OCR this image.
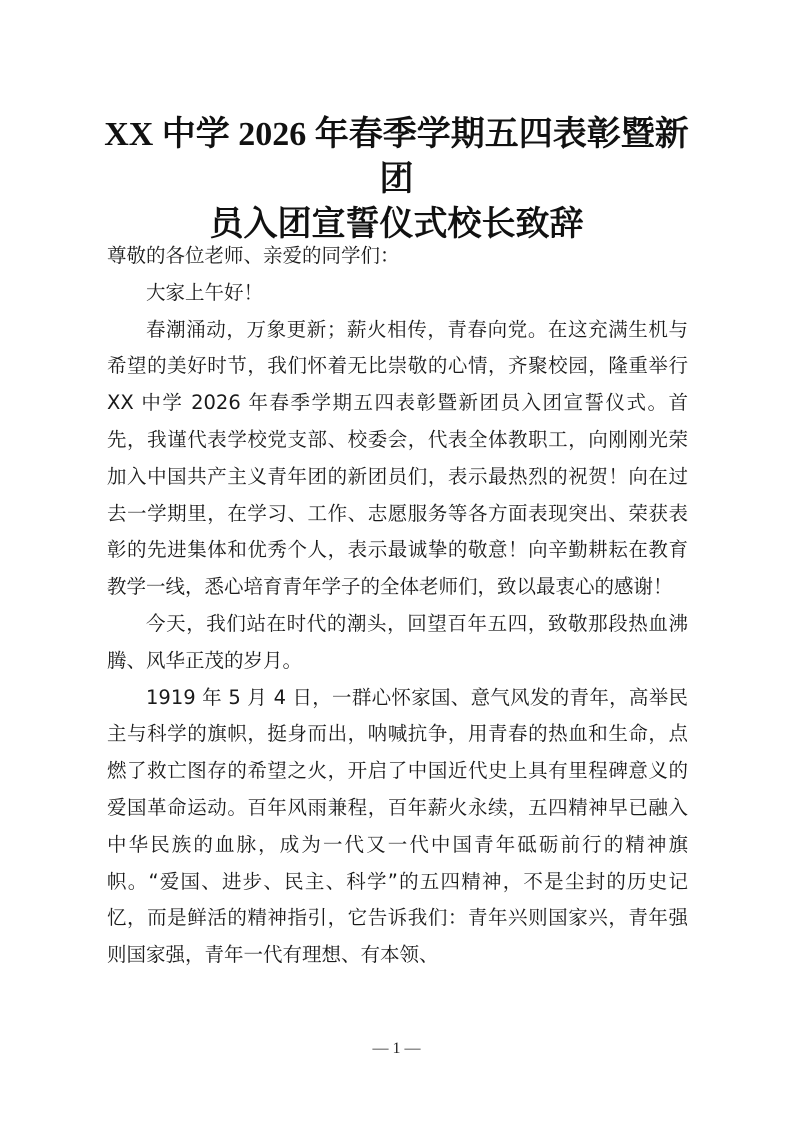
XX 中学 2026 年春季学期五四表彰暨新团
员入团宣誓仪式校长致辞

尊敬的各位老师、亲爱的同学们：

大家上午好！

春潮涌动，万象更新；薪火相传，青春向党。在这充满生机与希望的美好时节，我们怀着无比崇敬的心情，齐聚校园，隆重举行 XX 中学 2026 年春季学期五四表彰暨新团员入团宣誓仪式。首先，我谨代表学校党支部、校委会，代表全体教职工，向刚刚光荣加入中国共产主义青年团的新团员们，表示最热烈的祝贺！向在过去一学期里，在学习、工作、志愿服务等各方面表现突出、荣获表彰的先进集体和优秀个人，表示最诚挚的敬意！向辛勤耕耘在教育教学一线，悉心培育青年学子的全体老师们，致以最衷心的感谢！

今天，我们站在时代的潮头，回望百年五四，致敬那段热血沸腾、风华正茂的岁月。

1919 年 5 月 4 日，一群心怀家国、意气风发的青年，高举民主与科学的旗帜，挺身而出，呐喊抗争，用青春的热血和生命，点燃了救亡图存的希望之火，开启了中国近代史上具有里程碑意义的爱国革命运动。百年风雨兼程，百年薪火永续，五四精神早已融入中华民族的血脉，成为一代又一代中国青年砥砺前行的精神旗帜。“爱国、进步、民主、科学”的五四精神，不是尘封的历史记忆，而是鲜活的精神指引，它告诉我们：青年兴则国家兴，青年强则国家强，青年一代有理想、有本领、

— 1 —
